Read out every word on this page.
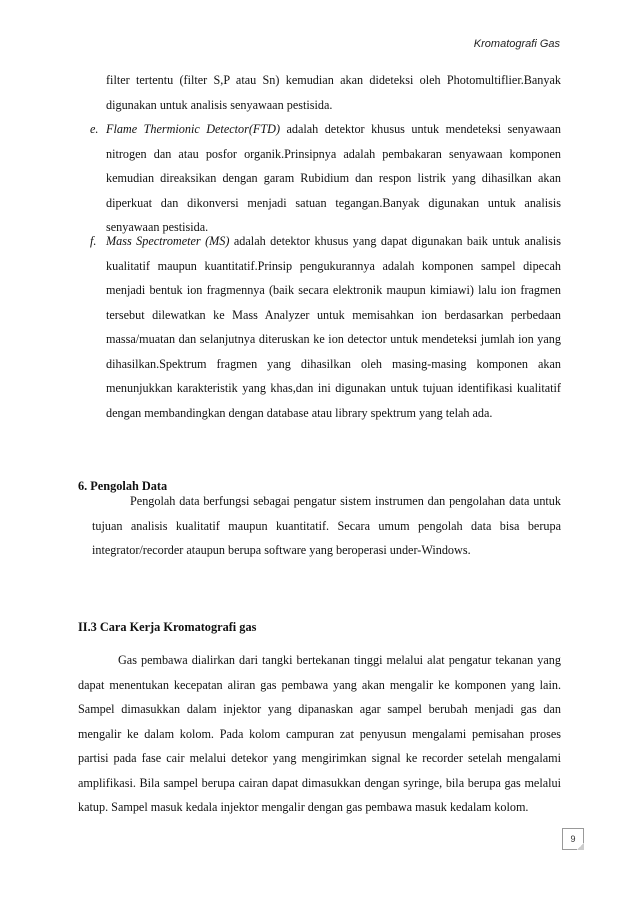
Kromatografi Gas
filter tertentu (filter S,P atau Sn) kemudian akan dideteksi oleh Photomultiflier.Banyak digunakan untuk analisis senyawaan pestisida.
e. Flame Thermionic Detector(FTD) adalah detektor khusus untuk mendeteksi senyawaan nitrogen dan atau posfor organik.Prinsipnya adalah pembakaran senyawaan komponen kemudian direaksikan dengan garam Rubidium dan respon listrik yang dihasilkan akan diperkuat dan dikonversi menjadi satuan tegangan.Banyak digunakan untuk analisis senyawaan pestisida.
f. Mass Spectrometer (MS) adalah detektor khusus yang dapat digunakan baik untuk analisis kualitatif maupun kuantitatif.Prinsip pengukurannya adalah komponen sampel dipecah menjadi bentuk ion fragmennya (baik secara elektronik maupun kimiawi) lalu ion fragmen tersebut dilewatkan ke Mass Analyzer untuk memisahkan ion berdasarkan perbedaan massa/muatan dan selanjutnya diteruskan ke ion detector untuk mendeteksi jumlah ion yang dihasilkan.Spektrum fragmen yang dihasilkan oleh masing-masing komponen akan menunjukkan karakteristik yang khas,dan ini digunakan untuk tujuan identifikasi kualitatif dengan membandingkan dengan database atau library spektrum yang telah ada.
6. Pengolah Data
Pengolah data berfungsi sebagai pengatur sistem instrumen dan pengolahan data untuk tujuan analisis kualitatif maupun kuantitatif. Secara umum pengolah data bisa berupa integrator/recorder ataupun berupa software yang beroperasi under-Windows.
II.3 Cara Kerja Kromatografi gas
Gas pembawa dialirkan dari tangki bertekanan tinggi melalui alat pengatur tekanan yang dapat menentukan kecepatan aliran gas pembawa yang akan mengalir ke komponen yang lain. Sampel dimasukkan dalam injektor yang dipanaskan agar sampel berubah menjadi gas dan mengalir ke dalam kolom. Pada kolom campuran zat penyusun mengalami pemisahan proses partisi pada fase cair melalui detekor yang mengirimkan signal ke recorder setelah mengalami amplifikasi. Bila sampel berupa cairan dapat dimasukkan dengan syringe, bila berupa gas melalui katup. Sampel masuk kedala injektor mengalir dengan gas pembawa masuk kedalam kolom.
9
